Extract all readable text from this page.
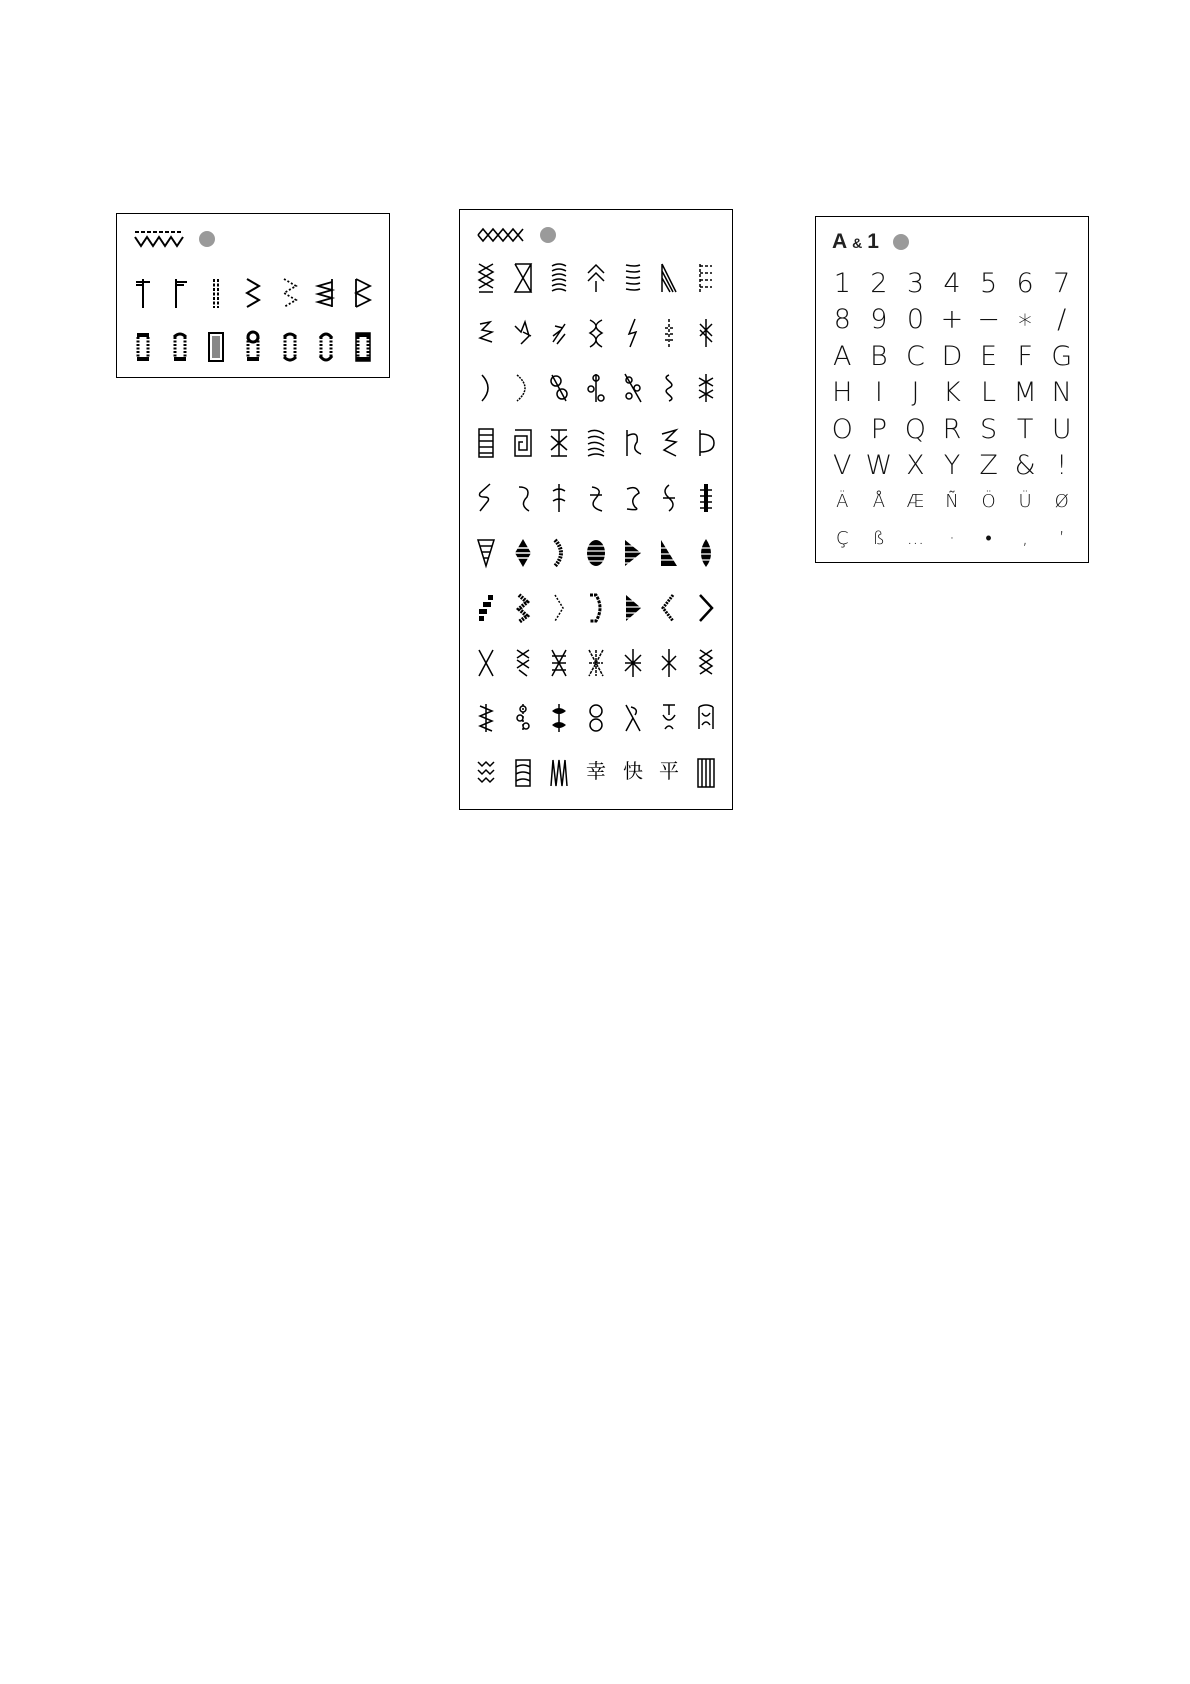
幸 快 平
A & 1
1 2 3 4 5 6 7
8 9 0 + − ∗ /
A B C D E F G
H I J K L M N
O P Q R S T U
V W X Y Z & !
Ä Å Æ Ñ Ö Ü Ø
Ç ß ... · • , ’
